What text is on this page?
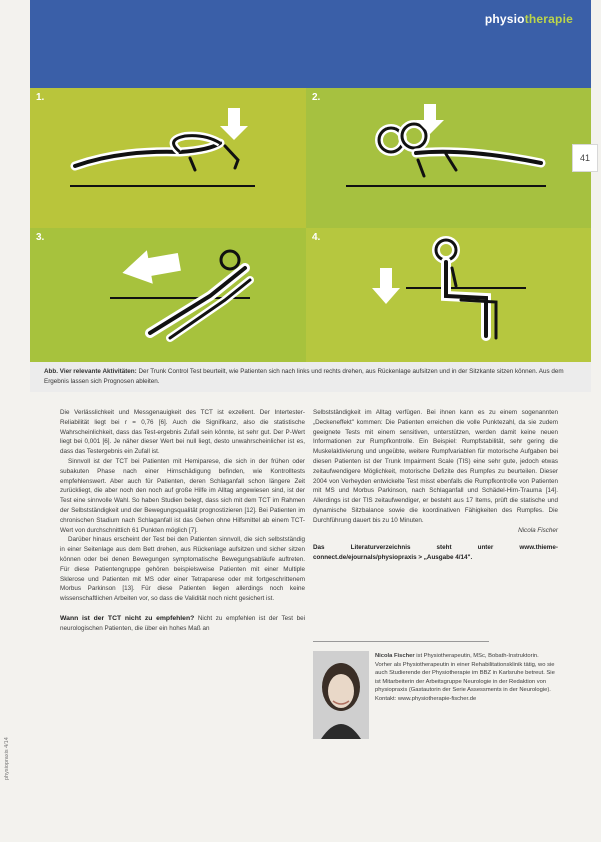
physiotherapie
1.	2.
3.	4.
41
Abb. Vier relevante Aktivitäten: Der Trunk Control Test beurteilt, wie Patienten sich nach links und rechts drehen, aus Rückenlage aufsitzen und in der Sitzkante sitzen können. Aus dem Ergebnis lassen sich Prognosen ableiten.

Die Verlässlichkeit und Messgenauigkeit des TCT ist exzellent. Der Intertester-Reliabilität liegt bei r = 0,76 [6]. Auch die Signifikanz, also die statistische Wahrscheinlichkeit, dass das Test-ergebnis Zufall sein könnte, ist sehr gut. Der P-Wert liegt bei 0,001 [6]. Je näher dieser Wert bei null liegt, desto unwahrscheinlicher ist es, dass das Testergebnis ein Zufall ist.

Sinnvoll ist der TCT bei Patienten mit Hemiparese, die sich in der frühen oder subakuten Phase nach einer Hirnschädigung befinden, wie Kontrolltests empfehlenswert. Aber auch für Patienten, deren Schlaganfall schon längere Zeit zurückliegt, die aber noch den noch auf große Hilfe im Alltag angewiesen sind, ist der Test eine sinnvolle Wahl. So haben Studien belegt, dass sich mit dem TCT im Rahmen der Selbstständigkeit und der Bewegungsqualität prognostizieren [12]. Bei Patienten im chronischen Stadium nach Schlaganfall ist das Gehen ohne Hilfsmittel ab einem TCT-Wert von durchschnittlich 61 Punkten möglich [7].

Darüber hinaus erscheint der Test bei den Patienten sinnvoll, die sich selbstständig in einer Seitenlage aus dem Bett drehen, aus Rückenlage aufsitzen und sicher sitzen können oder bei denen Bewegungen symptomatische Bewegungsabläufe auftreten. Für diese Patientengruppe gehören beispielsweise Patienten mit einer Multiple Sklerose und Patienten mit MS oder einer Tetraparese oder mit fortgeschrittenem Morbus Parkinson [13]. Für diese Patienten liegen allerdings noch keine wissenschaftlichen Arbeiten vor, so dass die Validität noch nicht gesichert ist.

Wann ist der TCT nicht zu empfehlen? Nicht zu empfehlen ist der Test bei neurologischen Patienten, die über ein hohes Maß an

Selbstständigkeit im Alltag verfügen. Bei ihnen kann es zu einem sogenannten „Deckeneffekt" kommen: Die Patienten erreichen die volle Punktezahl, da sie zudem geeignete Tests mit einem sensitiven, unterstützen, werden damit keine neuen Informationen zur Rumpfkontrolle. Ein Beispiel: Rumpfstabilität, sehr gering die Muskelaktivierung und ungeübte, weitere Rumpfvariablen für motorische Aufgaben bei diesen Patienten ist der Trunk Impairment Scale (TIS) eine sehr gute, jedoch etwas zeitaufwendigere Möglichkeit, motorische Defizite des Rumpfes zu beurteilen. Dieser 2004 von Verheyden entwickelte Test misst ebenfalls die Rumpfkontrolle von Patienten mit MS und Morbus Parkinson, nach Schlaganfall und Schädel-Hirn-Trauma [14]. Allerdings ist der TIS zeitaufwendiger, er besteht aus 17 Items, prüft die statische und dynamische Sitzbalance sowie die koordinativen Fähigkeiten des Rumpfes. Die Durchführung dauert bis zu 10 Minuten.

Nicola Fischer
Das Literaturverzeichnis steht unter www.thieme-connect.de/ejournals/physiopraxis > „Ausgabe 4/14".
Nicola Fischer ist Physiotherapeutin, MSc, Bobath-Instruktorin. Vorher als Physiotherapeutin in einer Rehabilitationsklinik tätig, wo sie auch Studierende der Physiotherapie im BBZ in Karlsruhe betreut. Sie ist Mitarbeiterin der Arbeitsgruppe Neurologie in der Redaktion von physiopraxis (Gastautorin der Serie Assessments in der Neurologie). Kontakt: www.physiotherapie-fischer.de
physiopraxis 4/14
